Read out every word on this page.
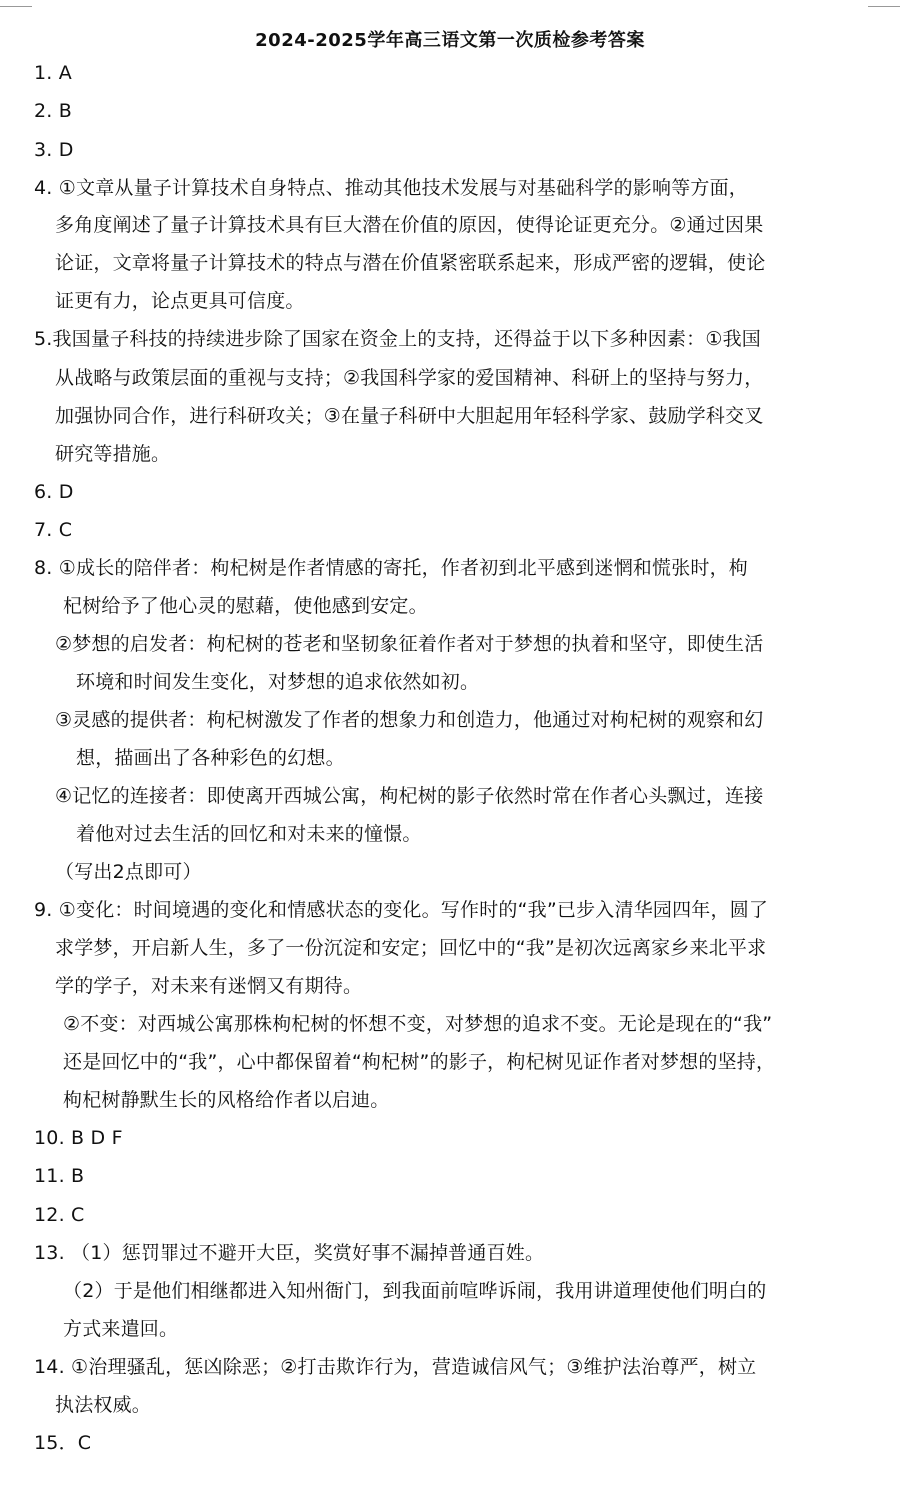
2024-2025学年高三语文第一次质检参考答案
1. A
2. B
3. D
4. ①文章从量子计算技术自身特点、推动其他技术发展与对基础科学的影响等方面，
多角度阐述了量子计算技术具有巨大潜在价值的原因，使得论证更充分。②通过因果
论证，文章将量子计算技术的特点与潜在价值紧密联系起来，形成严密的逻辑，使论
证更有力，论点更具可信度。
5.我国量子科技的持续进步除了国家在资金上的支持，还得益于以下多种因素：①我国
从战略与政策层面的重视与支持；②我国科学家的爱国精神、科研上的坚持与努力，
加强协同合作，进行科研攻关；③在量子科研中大胆起用年轻科学家、鼓励学科交叉
研究等措施。
6. D
7. C
8. ①成长的陪伴者：枸杞树是作者情感的寄托，作者初到北平感到迷惘和慌张时，枸
杞树给予了他心灵的慰藉，使他感到安定。
②梦想的启发者：枸杞树的苍老和坚韧象征着作者对于梦想的执着和坚守，即使生活
环境和时间发生变化，对梦想的追求依然如初。
③灵感的提供者：枸杞树激发了作者的想象力和创造力，他通过对枸杞树的观察和幻
想，描画出了各种彩色的幻想。
④记忆的连接者：即使离开西城公寓，枸杞树的影子依然时常在作者心头飘过，连接
着他对过去生活的回忆和对未来的憧憬。
（写出2点即可）
9. ①变化：时间境遇的变化和情感状态的变化。写作时的“我”已步入清华园四年，圆了
求学梦，开启新人生，多了一份沉淀和安定；回忆中的“我”是初次远离家乡来北平求
学的学子，对未来有迷惘又有期待。
②不变：对西城公寓那株枸杞树的怀想不变，对梦想的追求不变。无论是现在的“我”
还是回忆中的“我”，心中都保留着“枸杞树”的影子，枸杞树见证作者对梦想的坚持，
枸杞树静默生长的风格给作者以启迪。
10. B D F
11. B
12. C
13. （1）惩罚罪过不避开大臣，奖赏好事不漏掉普通百姓。
（2）于是他们相继都进入知州衙门，到我面前喧哗诉闹，我用讲道理使他们明白的
方式来遣回。
14. ①治理骚乱，惩凶除恶；②打击欺诈行为，营造诚信风气；③维护法治尊严，树立
执法权威。
15．C
